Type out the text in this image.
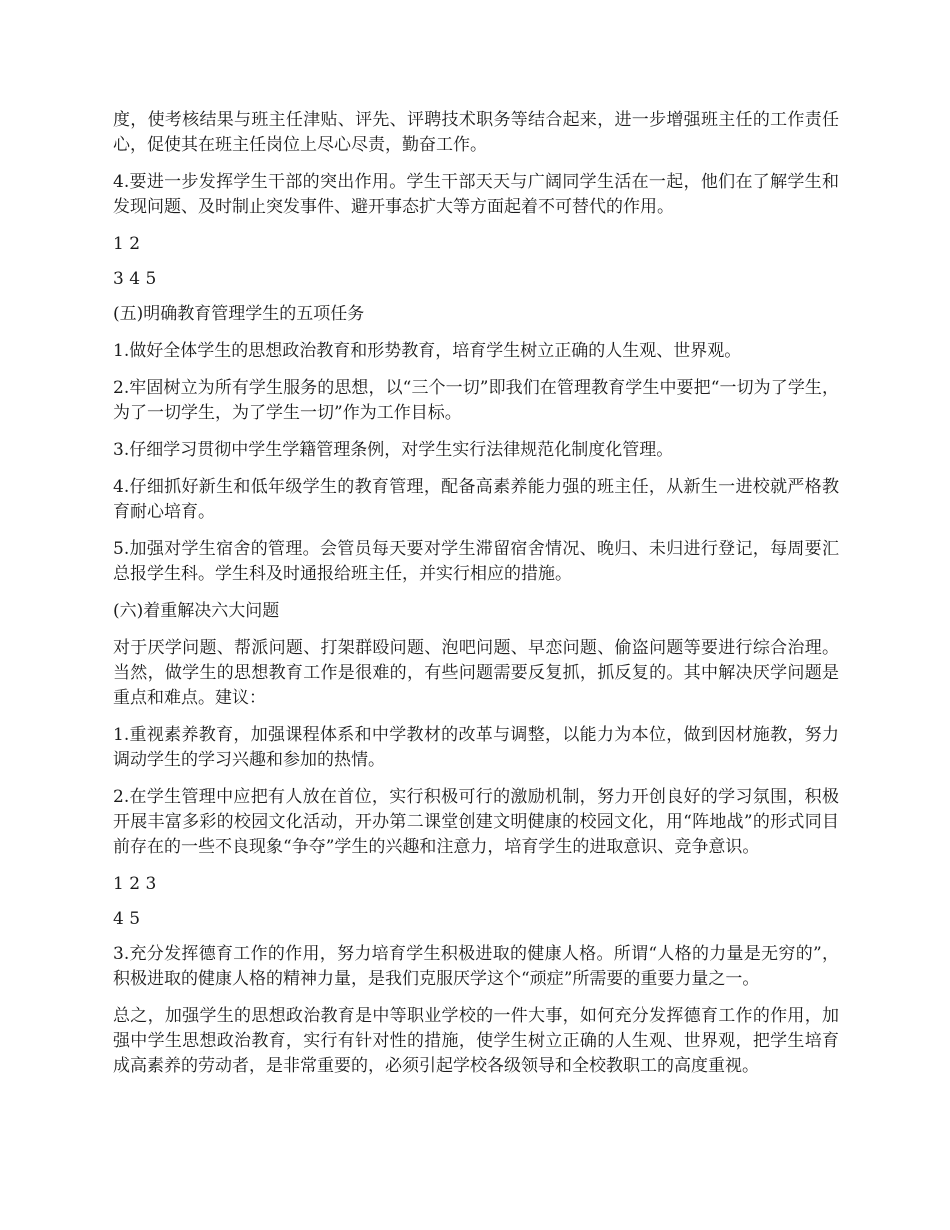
度，使考核结果与班主任津贴、评先、评聘技术职务等结合起来，进一步增强班主任的工作责任心，促使其在班主任岗位上尽心尽责，勤奋工作。

4.要进一步发挥学生干部的突出作用。学生干部天天与广阔同学生活在一起，他们在了解学生和发现问题、及时制止突发事件、避开事态扩大等方面起着不可替代的作用。

1 2

3 4 5

(五)明确教育管理学生的五项任务

1.做好全体学生的思想政治教育和形势教育，培育学生树立正确的人生观、世界观。

2.牢固树立为所有学生服务的思想，以“三个一切”即我们在管理教育学生中要把“一切为了学生，为了一切学生，为了学生一切”作为工作目标。

3.仔细学习贯彻中学生学籍管理条例，对学生实行法律规范化制度化管理。

4.仔细抓好新生和低年级学生的教育管理，配备高素养能力强的班主任，从新生一进校就严格教育耐心培育。

5.加强对学生宿舍的管理。会管员每天要对学生滞留宿舍情况、晚归、未归进行登记，每周要汇总报学生科。学生科及时通报给班主任，并实行相应的措施。

(六)着重解决六大问题

对于厌学问题、帮派问题、打架群殴问题、泡吧问题、早恋问题、偷盗问题等要进行综合治理。当然，做学生的思想教育工作是很难的，有些问题需要反复抓，抓反复的。其中解决厌学问题是重点和难点。建议：

1.重视素养教育，加强课程体系和中学教材的改革与调整，以能力为本位，做到因材施教，努力调动学生的学习兴趣和参加的热情。

2.在学生管理中应把有人放在首位，实行积极可行的激励机制，努力开创良好的学习氛围，积极开展丰富多彩的校园文化活动，开办第二课堂创建文明健康的校园文化，用“阵地战”的形式同目前存在的一些不良现象“争夺”学生的兴趣和注意力，培育学生的进取意识、竞争意识。

1 2 3

4 5

3.充分发挥德育工作的作用，努力培育学生积极进取的健康人格。所谓“人格的力量是无穷的”，积极进取的健康人格的精神力量，是我们克服厌学这个“顽症”所需要的重要力量之一。

总之，加强学生的思想政治教育是中等职业学校的一件大事，如何充分发挥德育工作的作用，加强中学生思想政治教育，实行有针对性的措施，使学生树立正确的人生观、世界观，把学生培育成高素养的劳动者，是非常重要的，必须引起学校各级领导和全校教职工的高度重视。
